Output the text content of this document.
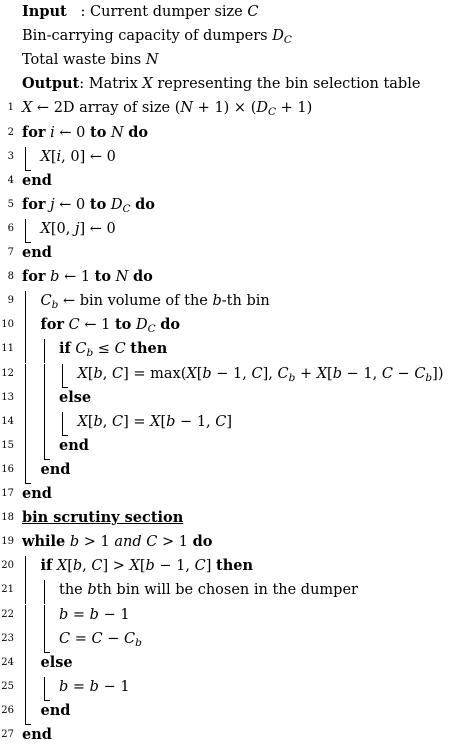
Input   : Current dumper size C
Bin-carrying capacity of dumpers $D_C$
Total waste bins N
Output: Matrix X representing the bin selection table
1 X ← 2D array of size $(N + 1) \times (D_C + 1)$
2 for i ← 0 to N do
3 X[i, 0] ← 0
4 end
5 for j ← 0 to $D_C$ do
6 X[0, j] ← 0
7 end
8 for b ← 1 to N do
9 $C_b$ ← bin volume of the b-th bin
10 for C ← 1 to $D_C$ do
11	if $C_b \le C$ then
12	X[b, C] = max(X[b − 1, C], $C_b + X[b - 1$, $C - C_b$])
13	else
14	X[b, C] = X[b − 1, C]
15	end
16 end
17 end
18 bin scrutiny section
19 while b > 1 and C > 1 do
20 if X[b, C] > X[b − 1, C] then
21	the bth bin will be chosen in the dumper
22	b = b − 1
23	$C = C - C_b$
24 else
25	b = b − 1
26 end
27 end
